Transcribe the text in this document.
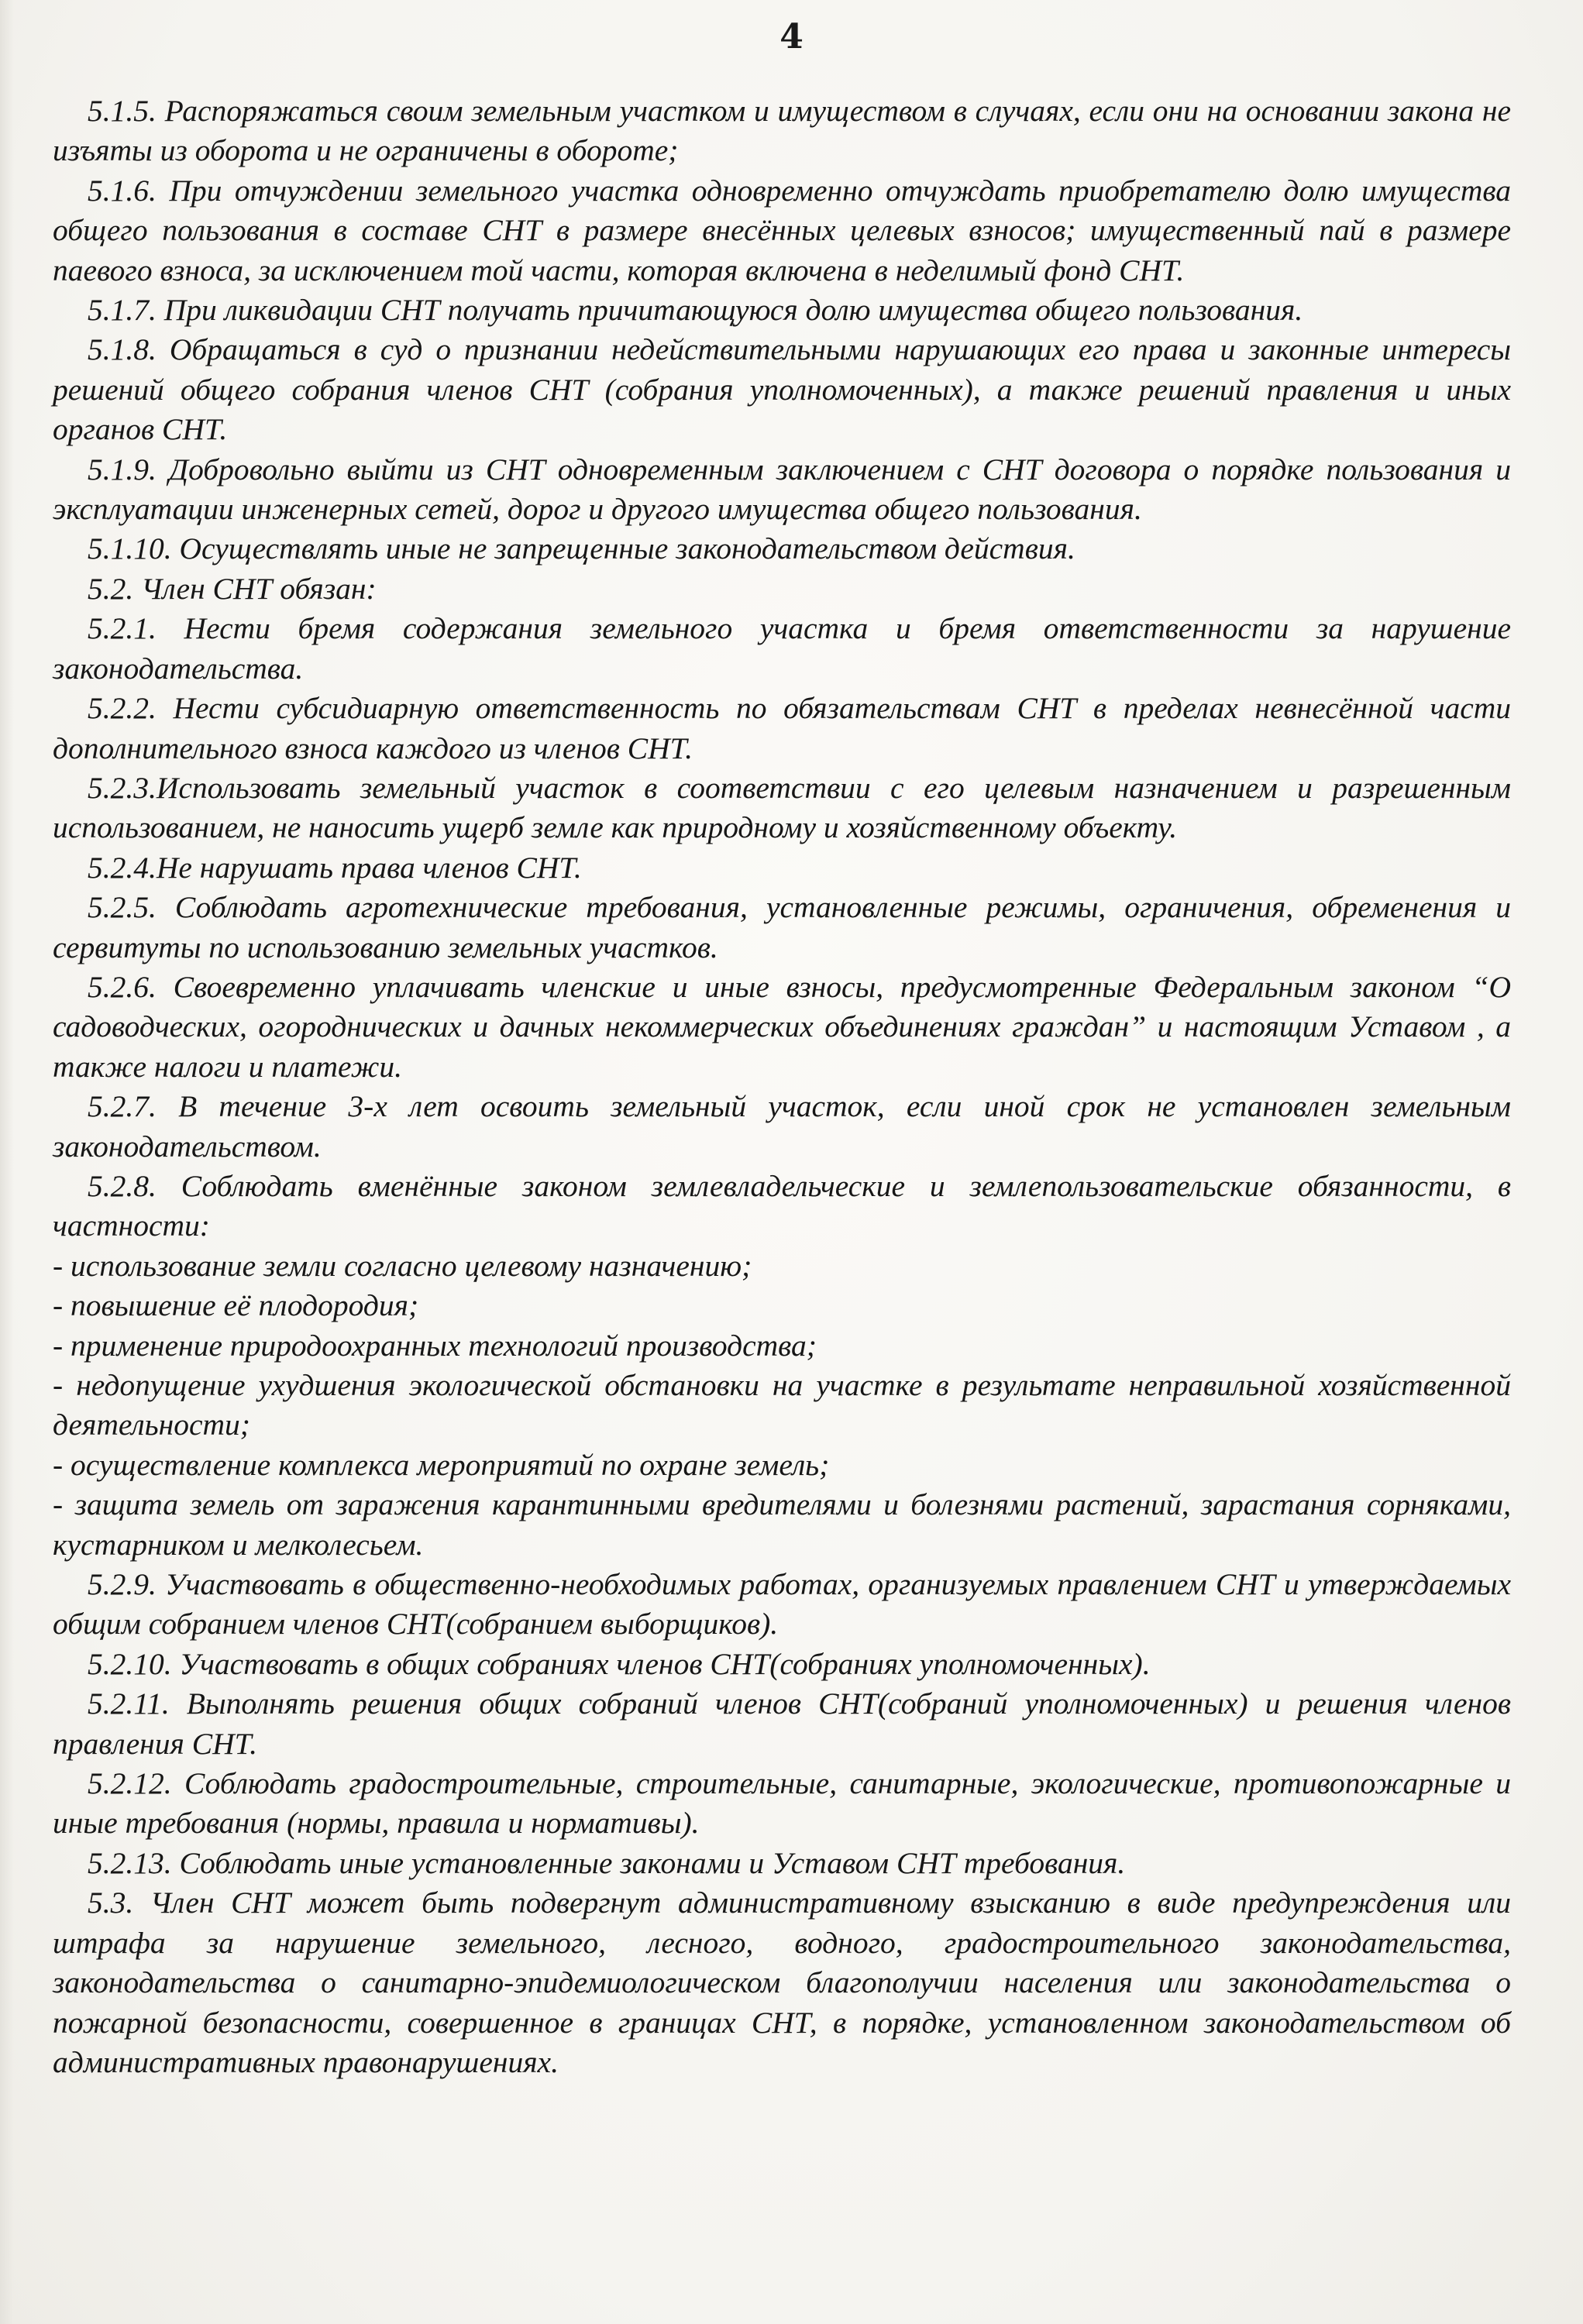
4

5.1.5. Распоряжаться своим земельным участком и имуществом в случаях, если они на основании закона не изъяты из оборота и не ограничены в обороте;

5.1.6. При отчуждении земельного участка одновременно отчуждать приобретателю долю имущества общего пользования в составе СНТ в размере внесённых целевых взносов; имущественный пай в размере паевого взноса, за исключением той части, которая включена в неделимый фонд СНТ.

5.1.7. При ликвидации СНТ получать причитающуюся долю имущества общего пользования.

5.1.8. Обращаться в суд о признании недействительными нарушающих его права и законные интересы решений общего собрания членов СНТ (собрания уполномоченных), а также решений правления и иных органов СНТ.

5.1.9. Добровольно выйти из СНТ одновременным заключением с СНТ договора о порядке пользования и эксплуатации инженерных сетей, дорог и другого имущества общего пользования.

5.1.10. Осуществлять иные не запрещенные законодательством действия.

5.2. Член СНТ обязан:

5.2.1. Нести бремя содержания земельного участка и бремя ответственности за нарушение законодательства.

5.2.2. Нести субсидиарную ответственность по обязательствам СНТ в пределах невнесённой части дополнительного взноса каждого из членов СНТ.

5.2.3.Использовать земельный участок в соответствии с его целевым назначением и разрешенным использованием, не наносить ущерб земле как природному и хозяйственному объекту.

5.2.4.Не нарушать права членов СНТ.

5.2.5. Соблюдать агротехнические требования, установленные режимы, ограничения, обременения и сервитуты по использованию земельных участков.

5.2.6. Своевременно уплачивать членские и иные взносы, предусмотренные Федеральным законом “О садоводческих, огороднических и дачных некоммерческих объединениях граждан” и настоящим Уставом , а также налоги и платежи.

5.2.7. В течение 3-х лет освоить земельный участок, если иной срок не установлен земельным законодательством.

5.2.8. Соблюдать вменённые законом землевладельческие и землепользовательские обязанности, в частности:

- использование земли согласно целевому назначению;

- повышение её плодородия;

- применение природоохранных технологий производства;

- недопущение ухудшения экологической обстановки на участке в результате неправильной хозяйственной деятельности;

- осуществление комплекса мероприятий по охране земель;

- защита земель от заражения карантинными вредителями и болезнями растений, зарастания сорняками, кустарником и мелколесьем.

5.2.9. Участвовать в общественно-необходимых работах, организуемых правлением СНТ и утверждаемых общим собранием членов СНТ(собранием выборщиков).

5.2.10. Участвовать в общих собраниях членов СНТ(собраниях уполномоченных).

5.2.11. Выполнять решения общих собраний членов СНТ(собраний уполномоченных) и решения членов правления СНТ.

5.2.12. Соблюдать градостроительные, строительные, санитарные, экологические, противопожарные и иные требования (нормы, правила и нормативы).

5.2.13. Соблюдать иные установленные законами и Уставом СНТ требования.

5.3. Член СНТ может быть подвергнут административному взысканию в виде предупреждения или штрафа за нарушение земельного, лесного, водного, градостроительного законодательства, законодательства о санитарно-эпидемиологическом благополучии населения или законодательства о пожарной безопасности, совершенное в границах СНТ, в порядке, установленном законодательством об административных правонарушениях.
